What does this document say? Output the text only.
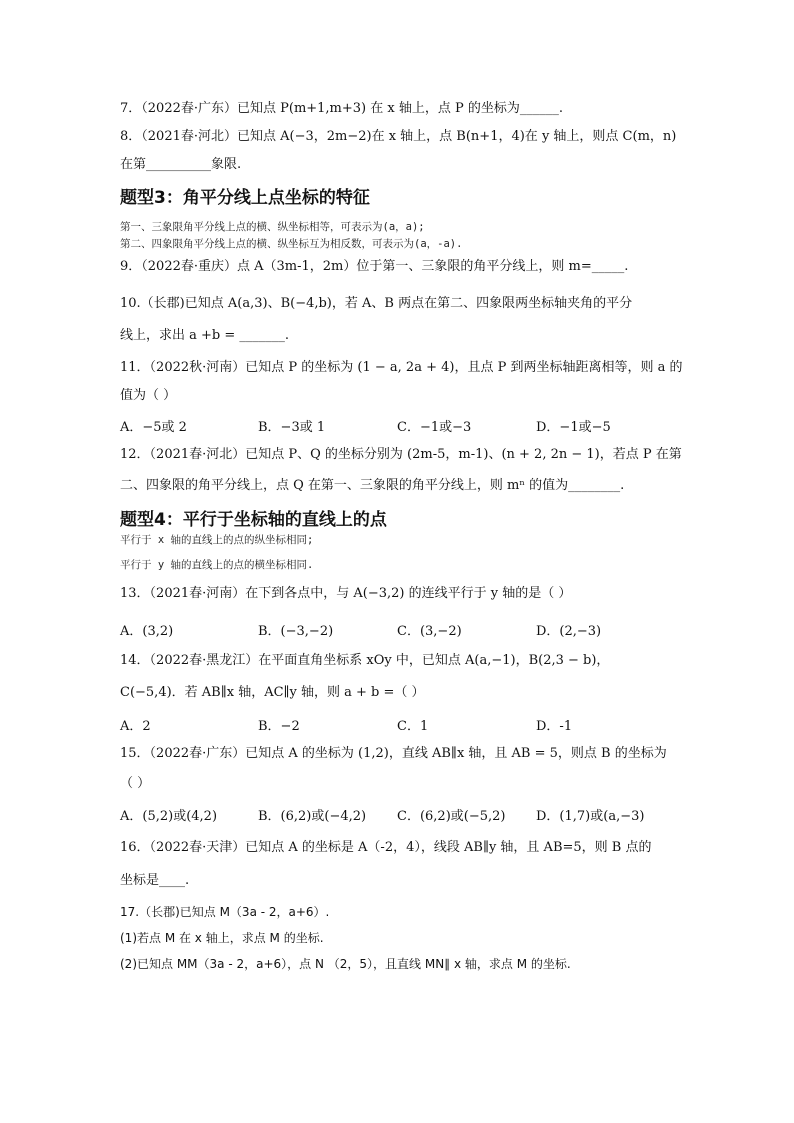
7．（2022春·广东）已知点 P(m+1,m+3) 在 x 轴上，点 P 的坐标为______.
8．（2021春·河北）已知点 A(−3，2m−2)在 x 轴上，点 B(n+1，4)在 y 轴上，则点 C(m，n)
在第__________象限.
题型3：角平分线上点坐标的特征
第一、三象限角平分线上点的横、纵坐标相等，可表示为(a，a);
第二、四象限角平分线上点的横、纵坐标互为相反数，可表示为(a，-a).
9．（2022春·重庆）点 A（3m-1，2m）位于第一、三象限的角平分线上，则 m=_____.
10.（长郡)已知点 A(a,3)、B(−4,b)，若 A、B 两点在第二、四象限两坐标轴夹角的平分
线上，求出 a +b = _______.
11．（2022秋·河南）已知点 P 的坐标为 (1 − a, 2a + 4)，且点 P 到两坐标轴距离相等，则 a 的
值为（ ）
A．−5或 2	B．−3或 1	C．−1或−3	D．−1或−5
12．（2021春·河北）已知点 P、Q 的坐标分别为 (2m-5，m-1)、(n + 2, 2n − 1)，若点 P 在第
二、四象限的角平分线上，点 Q 在第一、三象限的角平分线上，则 mⁿ 的值为________.
题型4：平行于坐标轴的直线上的点
平行于 x 轴的直线上的点的纵坐标相同;
平行于 y 轴的直线上的点的横坐标相同.
13．（2021春·河南）在下到各点中，与 A(−3,2) 的连线平行于 y 轴的是（ ）
A．(3,2)	B．(−3,−2)	C．(3,−2)	D．(2,−3)
14．（2022春·黑龙江）在平面直角坐标系 xOy 中，已知点 A(a,−1)，B(2,3 − b)，
C(−5,4)．若 AB∥x 轴，AC∥y 轴，则 a + b =（ ）
A．2	B．−2	C．1	D．-1
15．（2022春·广东）已知点 A 的坐标为 (1,2)，直线 AB∥x 轴，且 AB = 5，则点 B 的坐标为
（ ）
A．(5,2)或(4,2)	B．(6,2)或(−4,2) C．(6,2)或(−5,2) D．(1,7)或(a,−3)
16．（2022春·天津）已知点 A 的坐标是 A（-2，4），线段 AB∥y 轴，且 AB=5，则 B 点的
坐标是____.
17.（长郡)已知点 M（3a - 2，a+6）.
(1)若点 M 在 x 轴上，求点 M 的坐标.
(2)已知点 MM（3a - 2，a+6），点 N （2，5），且直线 MN∥ x 轴，求点 M 的坐标.
